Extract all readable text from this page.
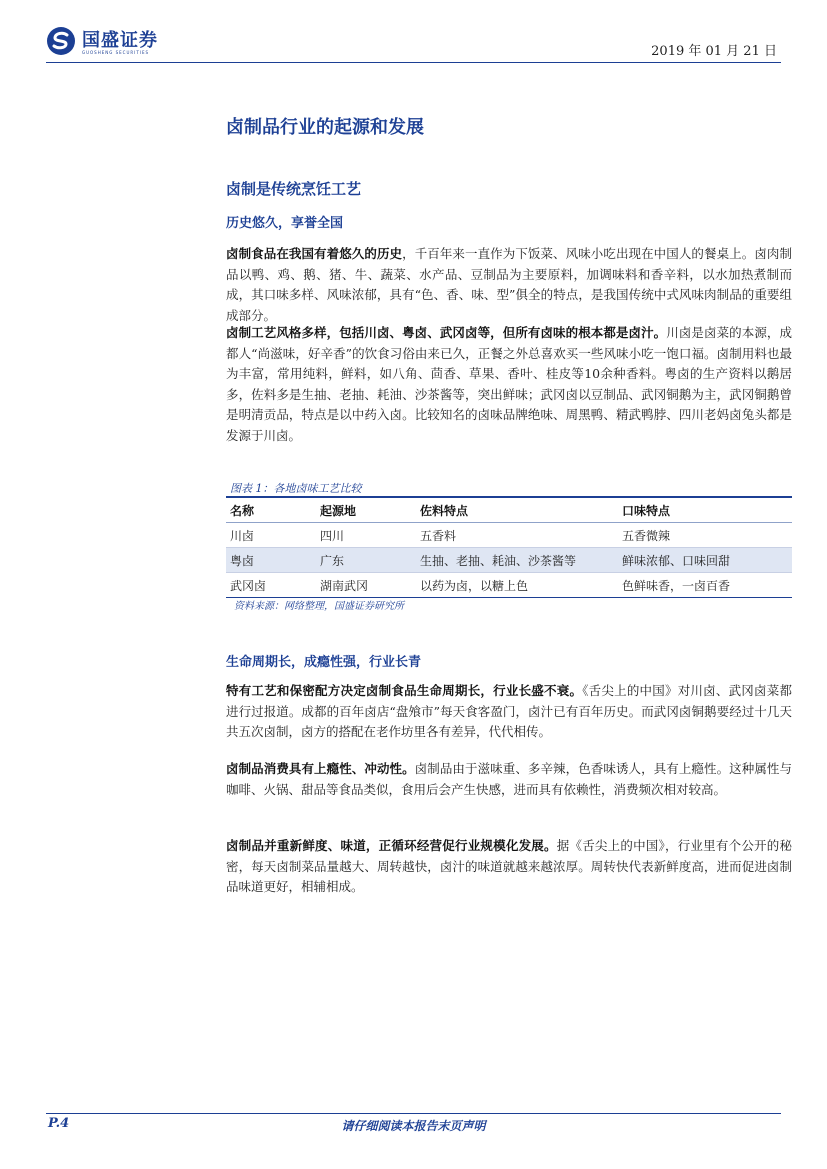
国盛证券
GUOSHENG SECURITIES	2019 年 01 月 21 日
卤制品行业的起源和发展
卤制是传统烹饪工艺
历史悠久，享誉全国
卤制食品在我国有着悠久的历史，千百年来一直作为下饭菜、风味小吃出现在中国人的餐桌上。卤肉制品以鸭、鸡、鹅、猪、牛、蔬菜、水产品、豆制品为主要原料，加调味料和香辛料，以水加热煮制而成，其口味多样、风味浓郁，具有“色、香、味、型”俱全的特点，是我国传统中式风味肉制品的重要组成部分。
卤制工艺风格多样，包括川卤、粤卤、武冈卤等，但所有卤味的根本都是卤汁。川卤是卤菜的本源，成都人“尚滋味，好辛香”的饮食习俗由来已久，正餐之外总喜欢买一些风味小吃一饱口福。卤制用料也最为丰富，常用纯料，鲜料，如八角、茴香、草果、香叶、桂皮等10余种香料。粤卤的生产资料以鹅居多，佐料多是生抽、老抽、耗油、沙茶酱等，突出鲜味；武冈卤以豆制品、武冈铜鹅为主，武冈铜鹅曾是明清贡品，特点是以中药入卤。比较知名的卤味品牌绝味、周黑鸭、精武鸭脖、四川老妈卤兔头都是发源于川卤。
图表 1：各地卤味工艺比较
名称	起源地	佐料特点	口味特点
川卤	四川	五香料	五香微辣
粤卤	广东	生抽、老抽、耗油、沙茶酱等	鲜味浓郁、口味回甜
武冈卤	湖南武冈	以药为卤，以糖上色	色鲜味香，一卤百香
资料来源：网络整理，国盛证券研究所
生命周期长，成瘾性强，行业长青
特有工艺和保密配方决定卤制食品生命周期长，行业长盛不衰。《舌尖上的中国》对川卤、武冈卤菜都进行过报道。成都的百年卤店“盘飧市”每天食客盈门，卤汁已有百年历史。而武冈卤铜鹅要经过十几天共五次卤制，卤方的搭配在老作坊里各有差异，代代相传。
卤制品消费具有上瘾性、冲动性。卤制品由于滋味重、多辛辣，色香味诱人，具有上瘾性。这种属性与咖啡、火锅、甜品等食品类似，食用后会产生快感，进而具有依赖性，消费频次相对较高。
卤制品并重新鲜度、味道，正循环经营促行业规模化发展。据《舌尖上的中国》，行业里有个公开的秘密，每天卤制菜品量越大、周转越快，卤汁的味道就越来越浓厚。周转快代表新鲜度高，进而促进卤制品味道更好，相辅相成。
P.4	请仔细阅读本报告末页声明
